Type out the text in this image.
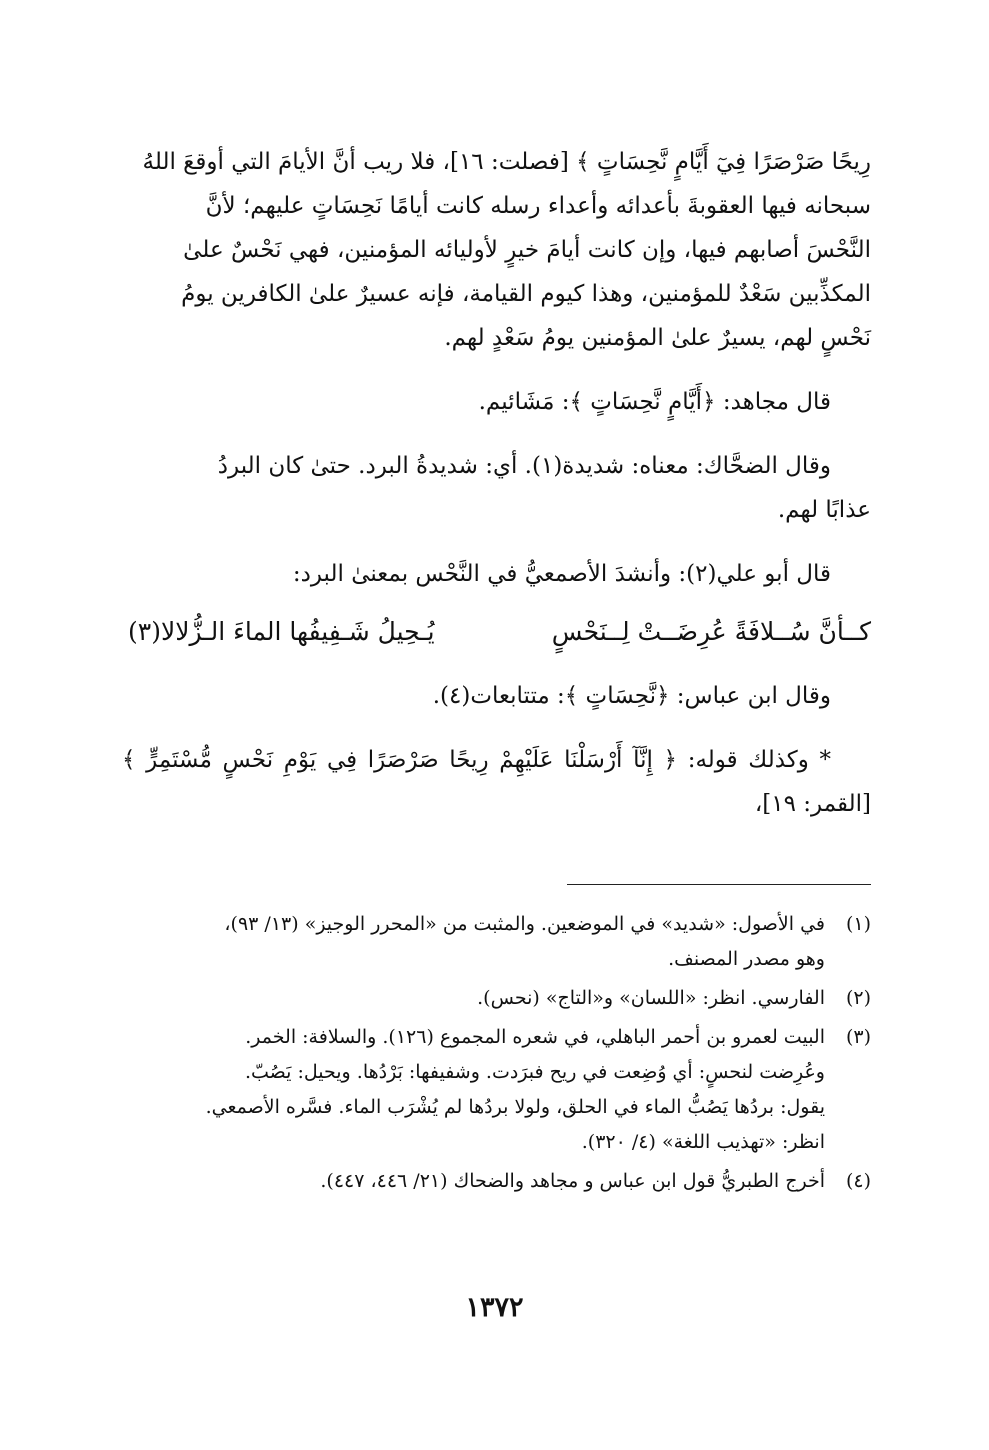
رِيحًا صَرْصَرًا فِيٓ أَيَّامٍ نَّحِسَاتٍ ﴾ [فصلت: ١٦]، فلا ريب أنَّ الأيامَ التي أوقعَ اللهُ
سبحانه فيها العقوبةَ بأعدائه وأعداء رسله كانت أيامًا نَحِسَاتٍ عليهم؛ لأنَّ
النَّحْسَ أصابهم فيها، وإن كانت أيامَ خيرٍ لأوليائه المؤمنين، فهي نَحْسٌ علىٰ
المكذِّبين سَعْدٌ للمؤمنين، وهذا كيوم القيامة، فإنه عسيرٌ علىٰ الكافرين يومُ
نَحْسٍ لهم، يسيرٌ علىٰ المؤمنين يومُ سَعْدٍ لهم.

قال مجاهد: ﴿أَيَّامٍ نَّحِسَاتٍ ﴾: مَشَائيم.

وقال الضحَّاك: معناه: شديدة(١). أي: شديدةُ البرد. حتىٰ كان البردُ
عذابًا لهم.

قال أبو علي(٢): وأنشدَ الأصمعيُّ في النَّحْس بمعنىٰ البرد:

كــأنَّ سُــلافَةً عُرِضَــتْ لِــنَحْسٍ
يُـحِيلُ شَـفِيفُها الماءَ الـزُّلالا(٣)

وقال ابن عباس: ﴿نَّحِسَاتٍ ﴾: متتابعات(٤).

* وكذلك قوله: ﴿ إِنَّآ أَرْسَلْنَا عَلَيْهِمْ رِيحًا صَرْصَرًا فِي يَوْمِ نَحْسٍ مُّسْتَمِرٍّ ﴾ [القمر: ١٩]،

(١)
في الأصول: «شديد» في الموضعين. والمثبت من «المحرر الوجيز» (١٣/ ٩٣)،
وهو مصدر المصنف.
(٢)
الفارسي. انظر: «اللسان» و«التاج» (نحس).
(٣)
البيت لعمرو بن أحمر الباهلي، في شعره المجموع (١٢٦). والسلافة: الخمر.
وعُرِضت لنحسٍ: أي وُضِعت في ريح فبرَدت. وشفيفها: بَرْدُها. ويحيل: يَصُبّ.
يقول: بردُها يَصُبُّ الماء في الحلق، ولولا بردُها لم يُشْرَب الماء. فسَّره الأصمعي.
انظر: «تهذيب اللغة» (٤/ ٣٢٠).
(٤)
أخرج الطبريُّ قول ابن عباس و مجاهد والضحاك (٢١/ ٤٤٦، ٤٤٧).
١٣٧٢
